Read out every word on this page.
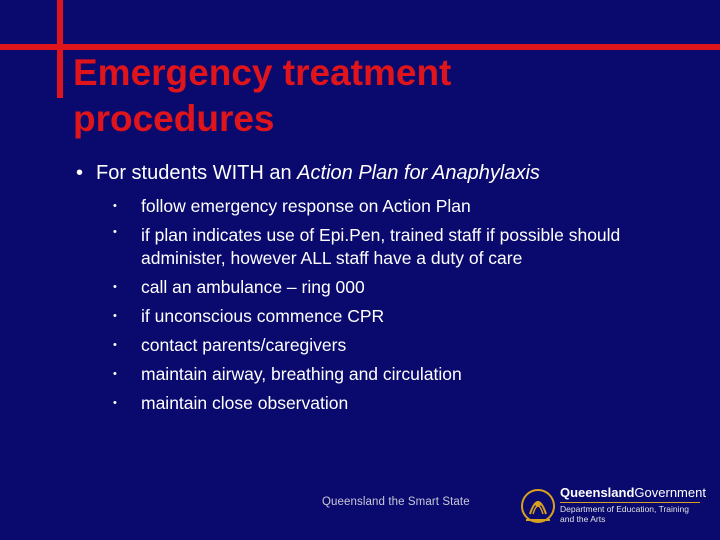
Emergency treatment
procedures
• For students WITH an Action Plan for Anaphylaxis
• follow emergency response on Action Plan
• if plan indicates use of Epi.Pen, trained staff if possible should administer, however ALL staff have a duty of care
• call an ambulance – ring 000
• if unconscious commence CPR
• contact parents/caregivers
• maintain airway, breathing and circulation
• maintain close observation
Queensland the Smart State
QueenslandGovernment
Department of Education, Training
and the Arts
